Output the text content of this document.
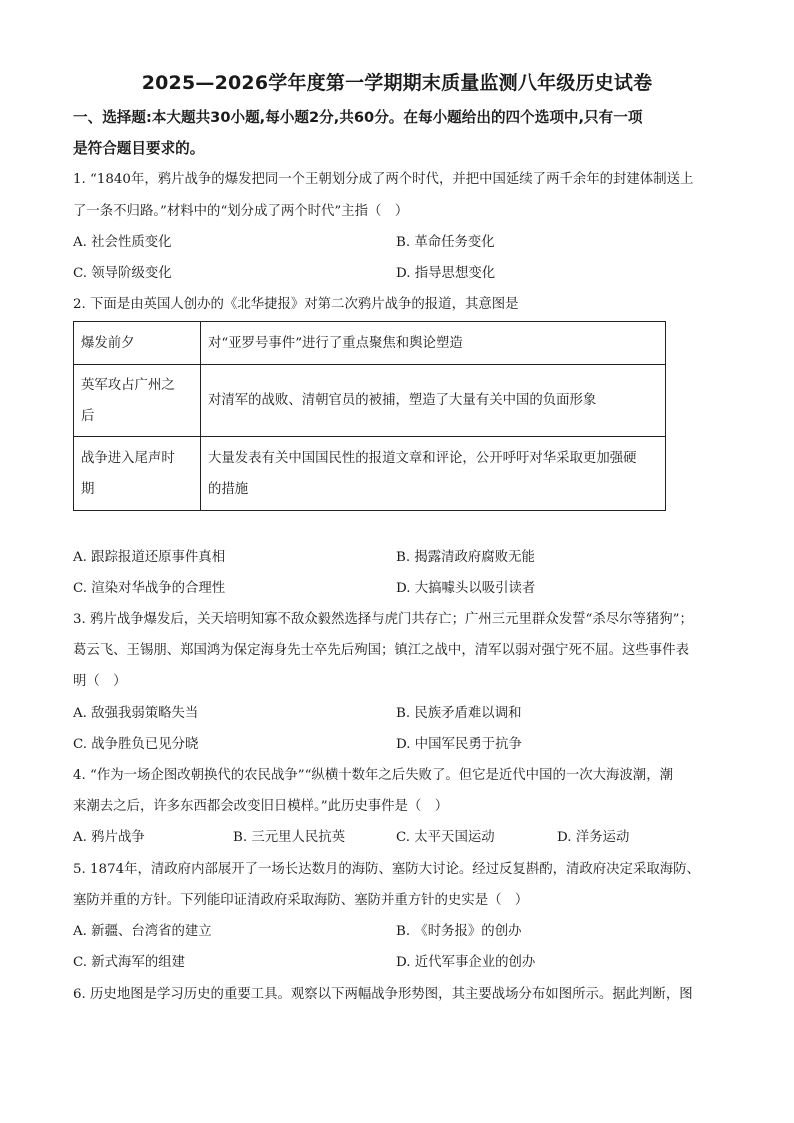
2025—2026学年度第一学期期末质量监测八年级历史试卷
一、选择题:本大题共30小题,每小题2分,共60分。在每小题给出的四个选项中,只有一项
是符合题目要求的。
1. “1840年，鸦片战争的爆发把同一个王朝划分成了两个时代，并把中国延续了两千余年的封建体制送上
了一条不归路。”材料中的“划分成了两个时代”主指（　）
A. 社会性质变化	B. 革命任务变化
C. 领导阶级变化	D. 指导思想变化
2. 下面是由英国人创办的《北华捷报》对第二次鸦片战争的报道，其意图是
爆发前夕	对“亚罗号事件”进行了重点聚焦和舆论塑造
英军攻占广州之
后	对清军的战败、清朝官员的被捕，塑造了大量有关中国的负面形象
战争进入尾声时
期	大量发表有关中国国民性的报道文章和评论，公开呼吁对华采取更加强硬
的措施
A. 跟踪报道还原事件真相	B. 揭露清政府腐败无能
C. 渲染对华战争的合理性	D. 大搞噱头以吸引读者
3. 鸦片战争爆发后，关天培明知寡不敌众毅然选择与虎门共存亡；广州三元里群众发誓“杀尽尔等猪狗”；
葛云飞、王锡朋、郑国鸿为保定海身先士卒先后殉国；镇江之战中，清军以弱对强宁死不屈。这些事件表
明（　）
A. 敌强我弱策略失当	B. 民族矛盾难以调和
C. 战争胜负已见分晓	D. 中国军民勇于抗争
4. “作为一场企图改朝换代的农民战争”“纵横十数年之后失败了。但它是近代中国的一次大海波潮，潮
来潮去之后，许多东西都会改变旧日模样。”此历史事件是（　）
A. 鸦片战争	B. 三元里人民抗英	C. 太平天国运动	D. 洋务运动
5. 1874年，清政府内部展开了一场长达数月的海防、塞防大讨论。经过反复斟酌，清政府决定采取海防、
塞防并重的方针。下列能印证清政府采取海防、塞防并重方针的史实是（　）
A. 新疆、台湾省的建立	B. 《时务报》的创办
C. 新式海军的组建	D. 近代军事企业的创办
6. 历史地图是学习历史的重要工具。观察以下两幅战争形势图，其主要战场分布如图所示。据此判断，图
